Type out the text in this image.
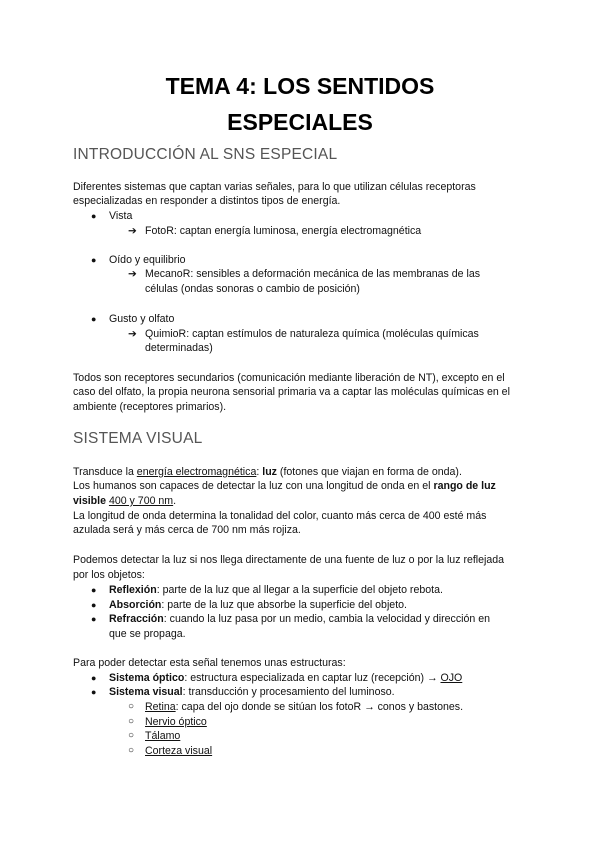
TEMA 4: LOS SENTIDOS
ESPECIALES
INTRODUCCIÓN AL SNS ESPECIAL
Diferentes sistemas que captan varias señales, para lo que utilizan células receptoras
especializadas en responder a distintos tipos de energía.
● Vista
➔ FotoR: captan energía luminosa, energía electromagnética
● Oído y equilibrio
➔ MecanoR: sensibles a deformación mecánica de las membranas de las
células (ondas sonoras o cambio de posición)
● Gusto y olfato
➔ QuimioR: captan estímulos de naturaleza química (moléculas químicas
determinadas)
Todos son receptores secundarios (comunicación mediante liberación de NT), excepto en el
caso del olfato, la propia neurona sensorial primaria va a captar las moléculas químicas en el
ambiente (receptores primarios).
SISTEMA VISUAL
Transduce la energía electromagnética: luz (fotones que viajan en forma de onda).
Los humanos son capaces de detectar la luz con una longitud de onda en el rango de luz
visible 400 y 700 nm.
La longitud de onda determina la tonalidad del color, cuanto más cerca de 400 esté más
azulada será y más cerca de 700 nm más rojiza.
Podemos detectar la luz si nos llega directamente de una fuente de luz o por la luz reflejada
por los objetos:
● Reflexión: parte de la luz que al llegar a la superficie del objeto rebota.
● Absorción: parte de la luz que absorbe la superficie del objeto.
● Refracción: cuando la luz pasa por un medio, cambia la velocidad y dirección en
que se propaga.
Para poder detectar esta señal tenemos unas estructuras:
● Sistema óptico: estructura especializada en captar luz (recepción) → OJO
● Sistema visual: transducción y procesamiento del luminoso.
○ Retina: capa del ojo donde se sitúan los fotoR → conos y bastones.
○ Nervio óptico
○ Tálamo
○ Corteza visual
